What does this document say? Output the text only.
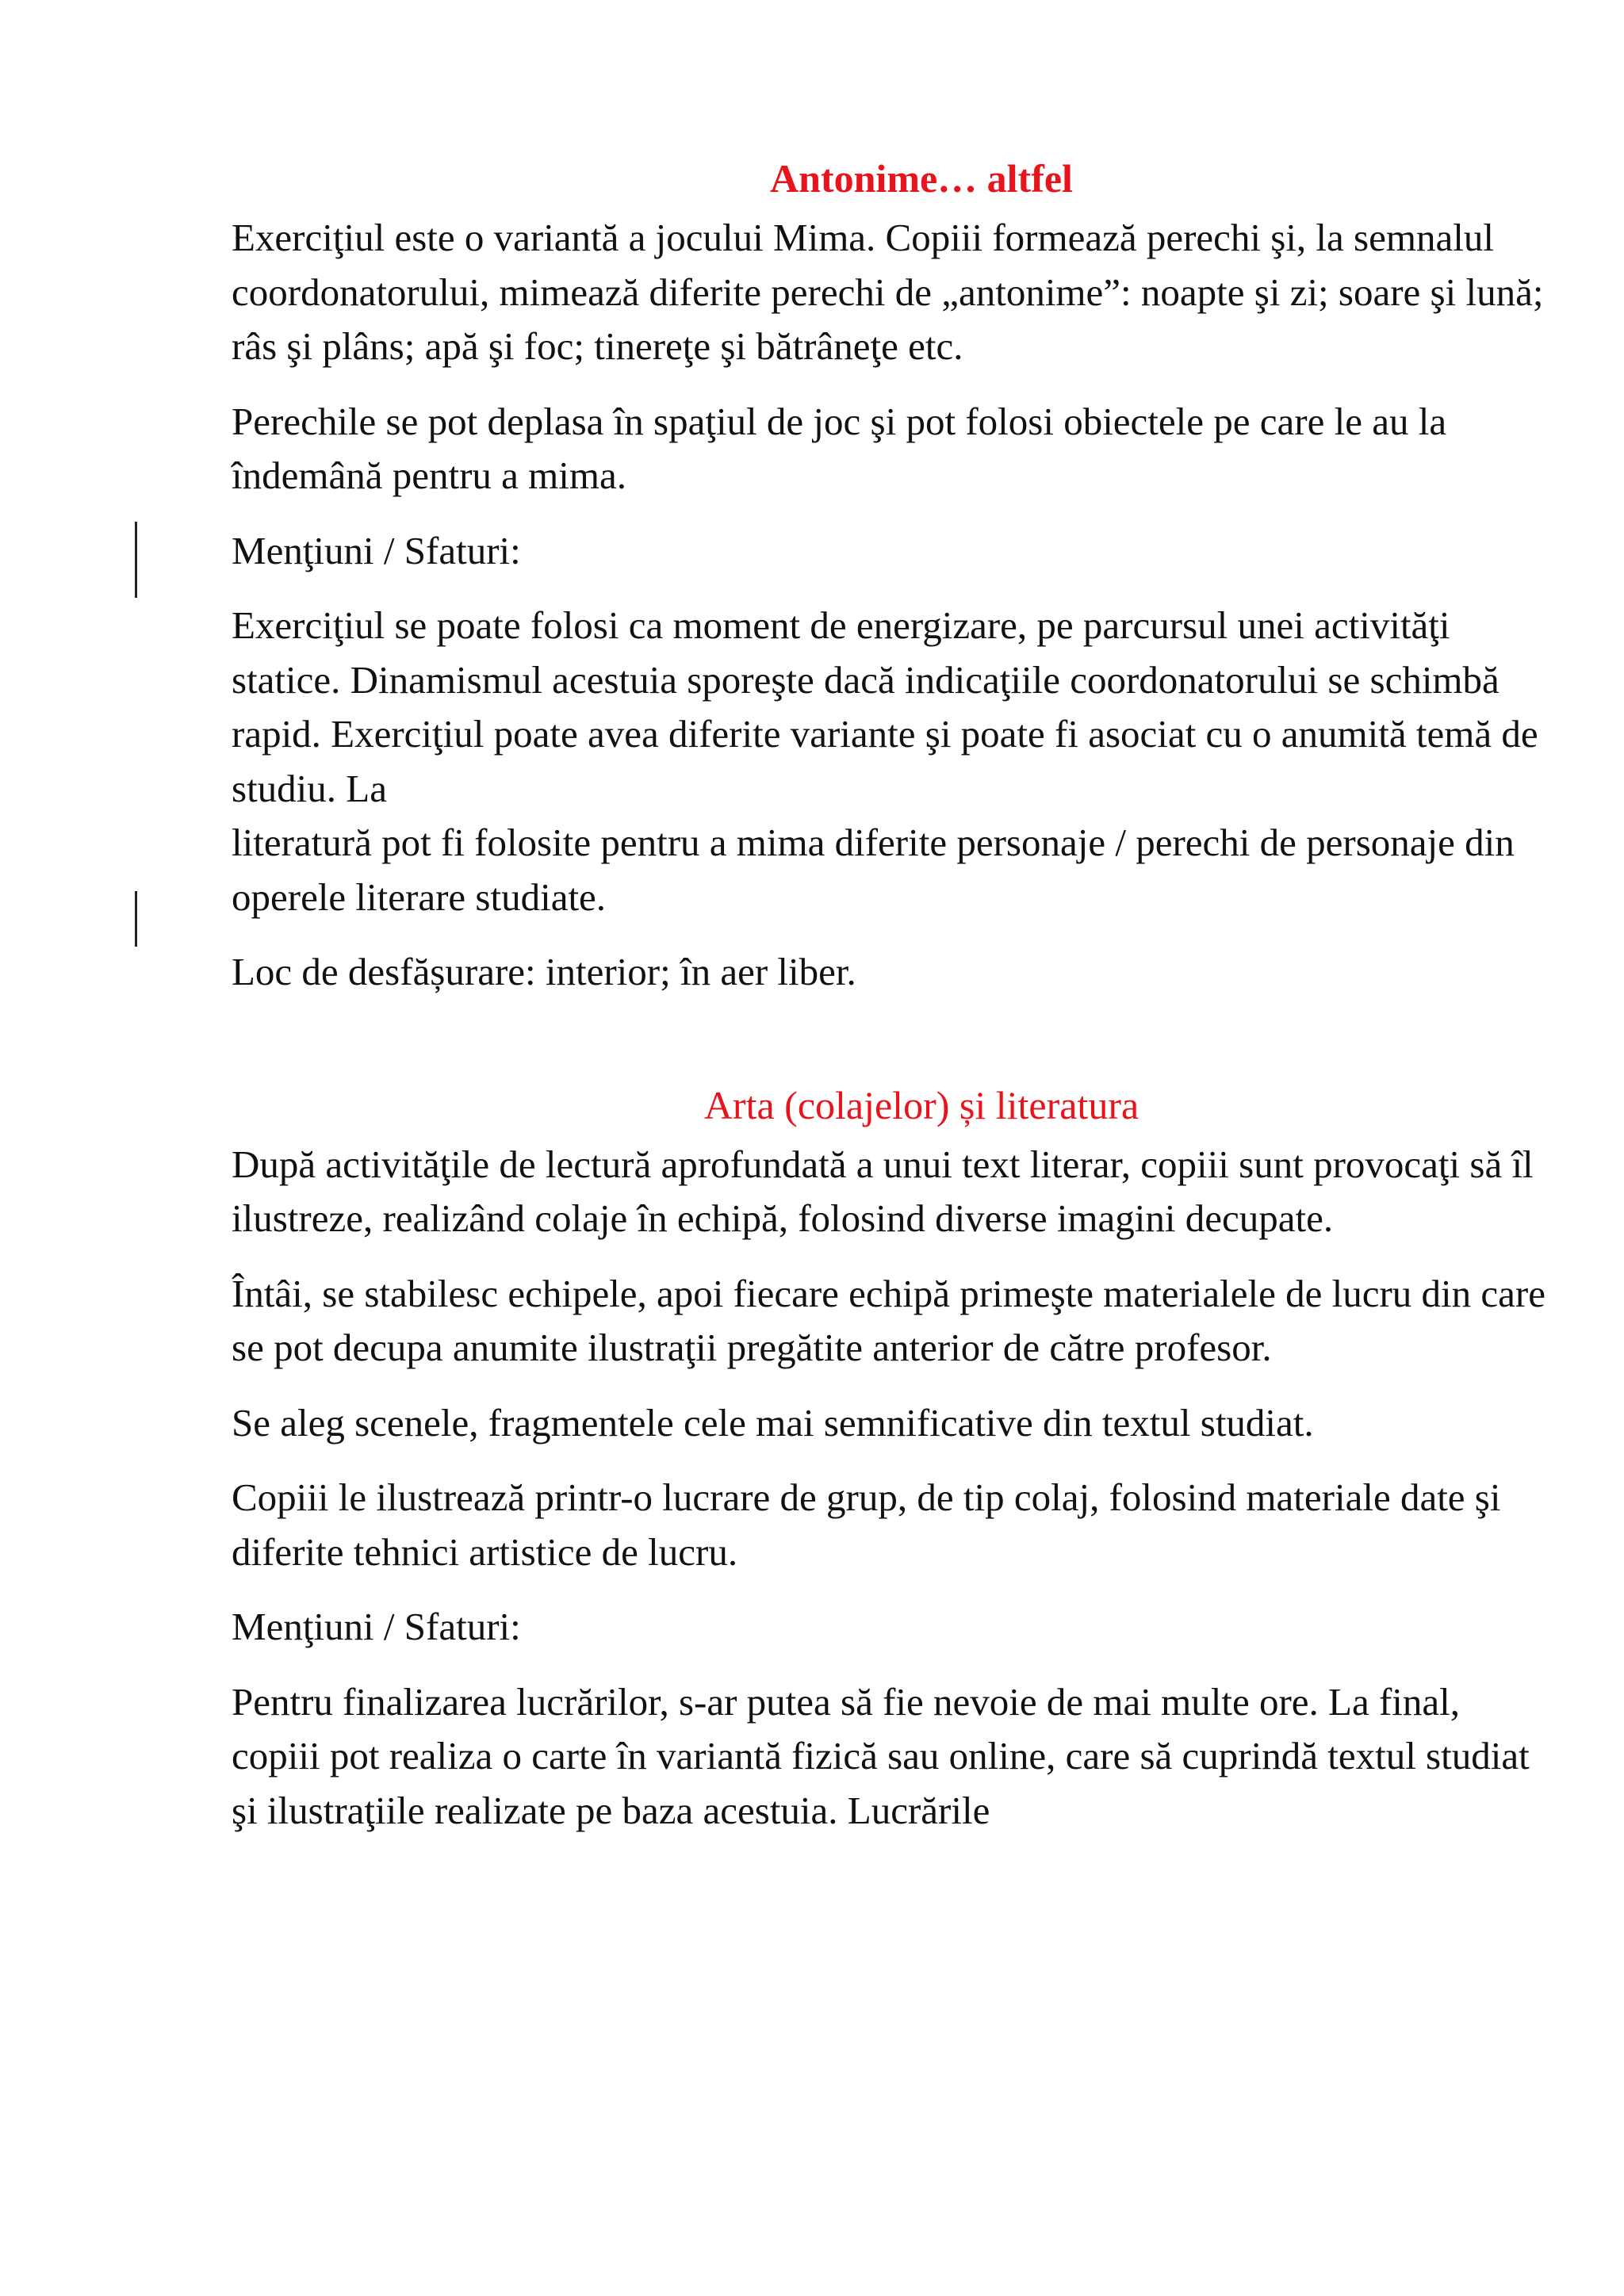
Antonime… altfel

Exerciţiul este o variantă a jocului Mima. Copiii formează perechi şi, la semnalul coordonatorului, mimează diferite perechi de „antonime”: noapte şi zi; soare şi lună; râs şi plâns; apă şi foc; tinereţe şi bătrâneţe etc.

Perechile se pot deplasa în spaţiul de joc şi pot folosi obiectele pe care le au la îndemână pentru a mima.

Menţiuni / Sfaturi:

Exerciţiul se poate folosi ca moment de energizare, pe parcursul unei activităţi statice. Dinamismul acestuia sporeşte dacă indicaţiile coordonatorului se schimbă rapid. Exerciţiul poate avea diferite variante şi poate fi asociat cu o anumită temă de studiu. La

literatură pot fi folosite pentru a mima diferite personaje / perechi de personaje din operele literare studiate.

Loc de desfășurare: interior; în aer liber.

Arta (colajelor) și literatura

După activităţile de lectură aprofundată a unui text literar, copiii sunt provocaţi să îl ilustreze, realizând colaje în echipă, folosind diverse imagini decupate.

Întâi, se stabilesc echipele, apoi fiecare echipă primeşte materialele de lucru din care se pot decupa anumite ilustraţii pregătite anterior de către profesor.

Se aleg scenele, fragmentele cele mai semnificative din textul studiat.

Copiii le ilustrează printr-o lucrare de grup, de tip colaj, folosind materiale date şi diferite tehnici artistice de lucru.

Menţiuni / Sfaturi:

Pentru finalizarea lucrărilor, s-ar putea să fie nevoie de mai multe ore. La final, copiii pot realiza o carte în variantă fizică sau online, care să cuprindă textul studiat şi ilustraţiile realizate pe baza acestuia. Lucrările
